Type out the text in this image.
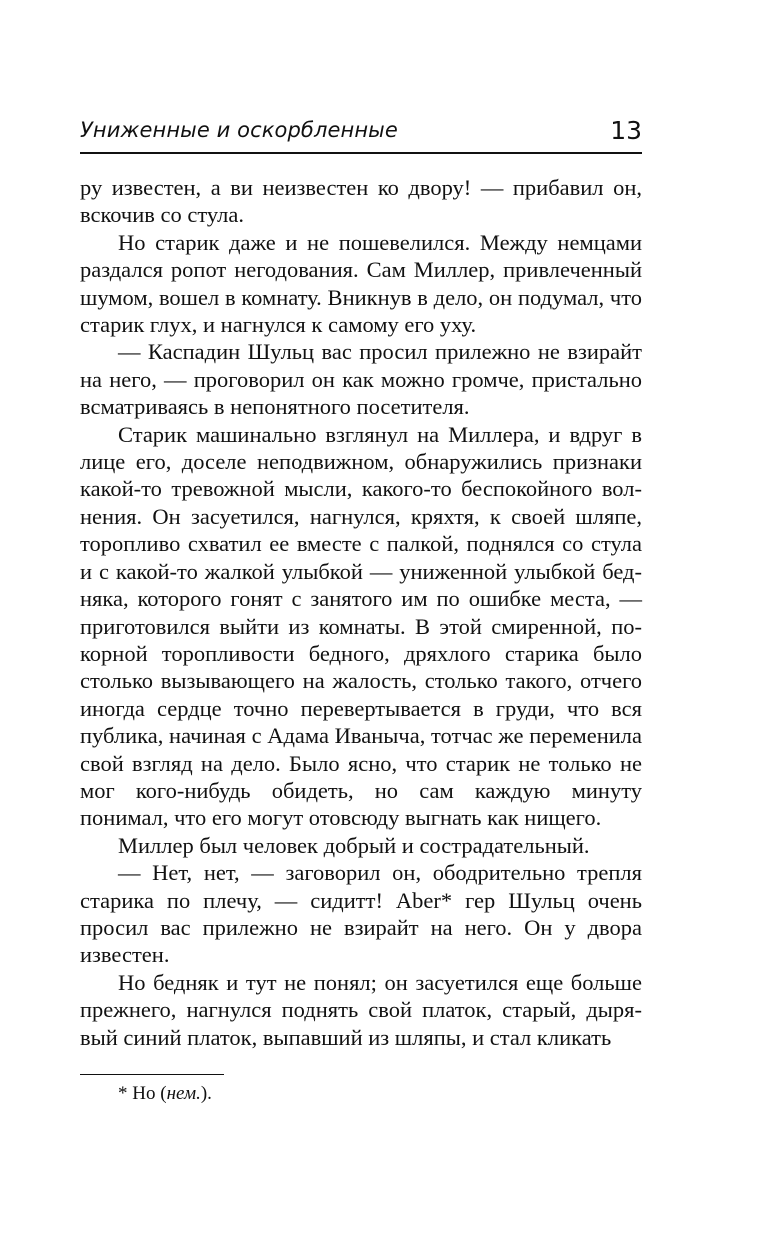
Униженные и оскорбленные	13

ру известен, а ви неизвестен ко двору! — прибавил он, вскочив со стула.

Но старик даже и не пошевелился. Между немцами раздался ропот негодования. Сам Миллер, привлеченный шумом, вошел в комнату. Вникнув в дело, он подумал, что старик глух, и нагнулся к самому его уху.

— Каспадин Шульц вас просил прилежно не взирайт на него, — проговорил он как можно громче, пристально всматриваясь в непонятного посетителя.

Старик машинально взглянул на Миллера, и вдруг в лице его, доселе неподвижном, обнаружились признаки какой-то тревожной мысли, какого-то беспокойного волнения. Он засуетился, нагнулся, кряхтя, к своей шляпе, торопливо схватил ее вместе с палкой, поднялся со стула и с какой-то жалкой улыбкой — униженной улыбкой бедняка, которого гонят с занятого им по ошибке места, — приготовился выйти из комнаты. В этой смиренной, покорной торопливости бедного, дряхлого старика было столько вызывающего на жалость, столько такого, отчего иногда сердце точно перевертывается в груди, что вся публика, начиная с Адама Иваныча, тотчас же переменила свой взгляд на дело. Было ясно, что старик не только не мог кого-нибудь обидеть, но сам каждую минуту понимал, что его могут отовсюду выгнать как нищего.

Миллер был человек добрый и сострадательный.

— Нет, нет, — заговорил он, ободрительно трепля старика по плечу, — сидитт! Aber* гер Шульц очень просил вас прилежно не взирайт на него. Он у двора известен.

Но бедняк и тут не понял; он засуетился еще больше прежнего, нагнулся поднять свой платок, старый, дырявый синий платок, выпавший из шляпы, и стал кликать

* Но (нем.).
